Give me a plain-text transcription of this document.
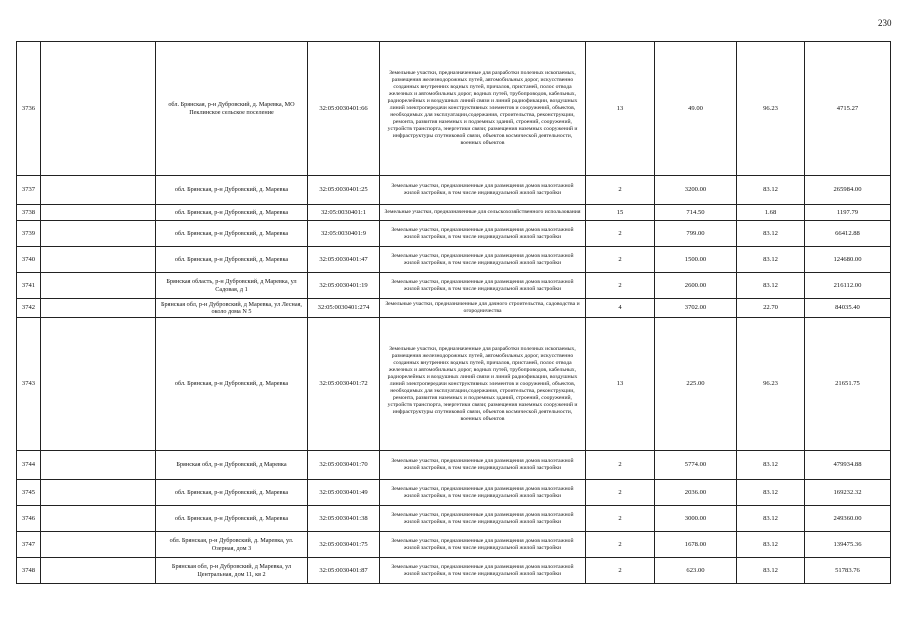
230
3736		обл. Брянская, р-н Дубровский, д. Маревка, МО Пеклинское сельское поселение	32:05:0030401:66	Земельные участки, предназначенные для разработки полезных ископаемых, размещения железнодорожных путей, автомобильных дорог, искусственно созданных внутренних водных путей, причалов, пристаней, полос отвода железных и автомобильных дорог, водных путей, трубопроводов, кабельных, радиорелейных и воздушных линий связи и линий радиофикации, воздушных линий электропередачи конструктивных элементов и сооружений, объектов, необходимых для эксплуатации,содержания, строительства, реконструкции, ремонта, развития наземных и подземных зданий, строений, сооружений, устройств транспорта, энергетики связи; размещения наземных сооружений и инфраструктуры спутниковой связи, объектов космической деятельности, военных объектов	13	49.00	96.23	4715.27
3737		обл. Брянская, р-н Дубровский, д. Маревка	32:05:0030401:25	Земельные участки, предназначенные для размещения домов малоэтажной жилой застройки, в том числе индивидуальной жилой застройки	2	3200.00	83.12	265984.00
3738		обл. Брянская, р-н Дубровский, д. Маревка	32:05:0030401:1	Земельные участки, предназначенные для сельскохозяйственного использования	15	714.50	1.68	1197.79
3739		обл. Брянская, р-н Дубровский, д. Маревка	32:05:0030401:9	Земельные участки, предназначенные для размещения домов малоэтажной жилой застройки, в том числе индивидуальной жилой застройки	2	799.00	83.12	66412.88
3740		обл. Брянская, р-н Дубровский, д. Маревка	32:05:0030401:47	Земельные участки, предназначенные для размещения домов малоэтажной жилой застройки, в том числе индивидуальной жилой застройки	2	1500.00	83.12	124680.00
3741		Брянская область, р-н Дубровский, д Маревка, ул Садовая, д 1	32:05:0030401:19	Земельные участки, предназначенные для размещения домов малоэтажной жилой застройки, в том числе индивидуальной жилой застройки	2	2600.00	83.12	216112.00
3742		Брянская обл, р-н Дубровский, д Маревка, ул Лесная, около дома N 5	32:05:0030401:274	Земельные участки, предназначенные для дачного строительства, садоводства и огородничества	4	3702.00	22.70	84035.40
3743		обл. Брянская, р-н Дубровский, д. Маревка	32:05:0030401:72	Земельные участки, предназначенные для разработки полезных ископаемых, размещения железнодорожных путей, автомобильных дорог, искусственно созданных внутренних водных путей, причалов, пристаней, полос отвода железных и автомобильных дорог, водных путей, трубопроводов, кабельных, радиорелейных и воздушных линий связи и линий радиофикации, воздушных линий электропередачи конструктивных элементов и сооружений, объектов, необходимых для эксплуатации,содержания, строительства, реконструкции, ремонта, развития наземных и подземных зданий, строений, сооружений, устройств транспорта, энергетики связи; размещения наземных сооружений и инфраструктуры спутниковой связи, объектов космической деятельности, военных объектов	13	225.00	96.23	21651.75
3744		Брянская обл, р-н Дубровский, д Маревка	32:05:0030401:70	Земельные участки, предназначенные для размещения домов малоэтажной жилой застройки, в том числе индивидуальной жилой застройки	2	5774.00	83.12	479934.88
3745		обл. Брянская, р-н Дубровский, д. Маревка	32:05:0030401:49	Земельные участки, предназначенные для размещения домов малоэтажной жилой застройки, в том числе индивидуальной жилой застройки	2	2036.00	83.12	169232.32
3746		обл. Брянская, р-н Дубровский, д. Маревка	32:05:0030401:38	Земельные участки, предназначенные для размещения домов малоэтажной жилой застройки, в том числе индивидуальной жилой застройки	2	3000.00	83.12	249360.00
3747		обл. Брянская, р-н Дубровский, д. Маревка, ул. Озерная, дом 3	32:05:0030401:75	Земельные участки, предназначенные для размещения домов малоэтажной жилой застройки, в том числе индивидуальной жилой застройки	2	1678.00	83.12	139475.36
3748		Брянская обл, р-н Дубровский, д Маревка, ул Центральная, дом 11, кв 2	32:05:0030401:87	Земельные участки, предназначенные для размещения домов малоэтажной жилой застройки, в том числе индивидуальной жилой застройки	2	623.00	83.12	51783.76
